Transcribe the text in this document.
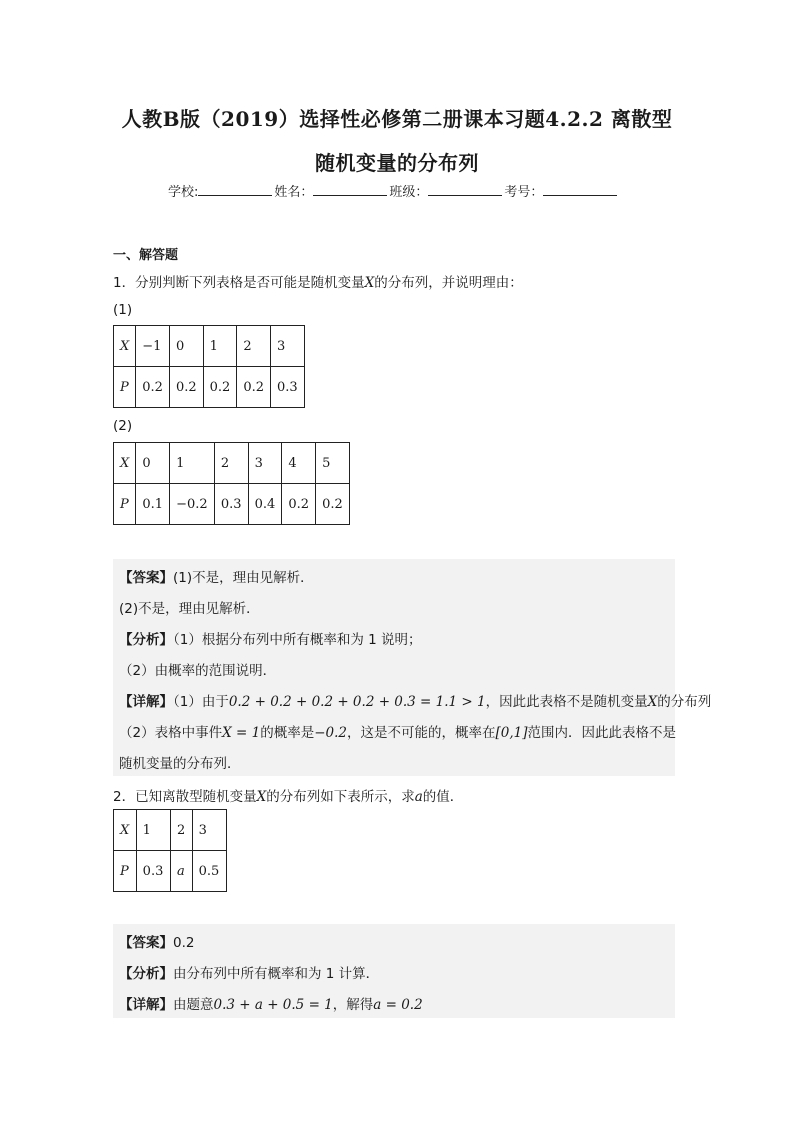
人教B版（2019）选择性必修第二册课本习题4.2.2 离散型
随机变量的分布列
学校:	姓名：	班级：	考号：
一、解答题
1．分别判断下列表格是否可能是随机变量X的分布列，并说明理由：
(1)
X	−1	0	1	2	3
P	0.2	0.2	0.2	0.2	0.3
(2)
X	0	1	2	3	4	5
P	0.1	−0.2	0.3	0.4	0.2	0.2
【答案】(1)不是，理由见解析．
(2)不是，理由见解析．
【分析】（1）根据分布列中所有概率和为 1 说明；
（2）由概率的范围说明．
【详解】（1）由于0.2 + 0.2 + 0.2 + 0.2 + 0.3 = 1.1 > 1，因此此表格不是随机变量X的分布列
（2）表格中事件X = 1的概率是−0.2，这是不可能的，概率在[0,1]范围内．因此此表格不是
随机变量的分布列．
2．已知离散型随机变量X的分布列如下表所示，求a的值．
X	1	2	3
P	0.3	a	0.5
【答案】0.2
【分析】由分布列中所有概率和为 1 计算．
【详解】由题意0.3 + a + 0.5 = 1，解得a = 0.2
